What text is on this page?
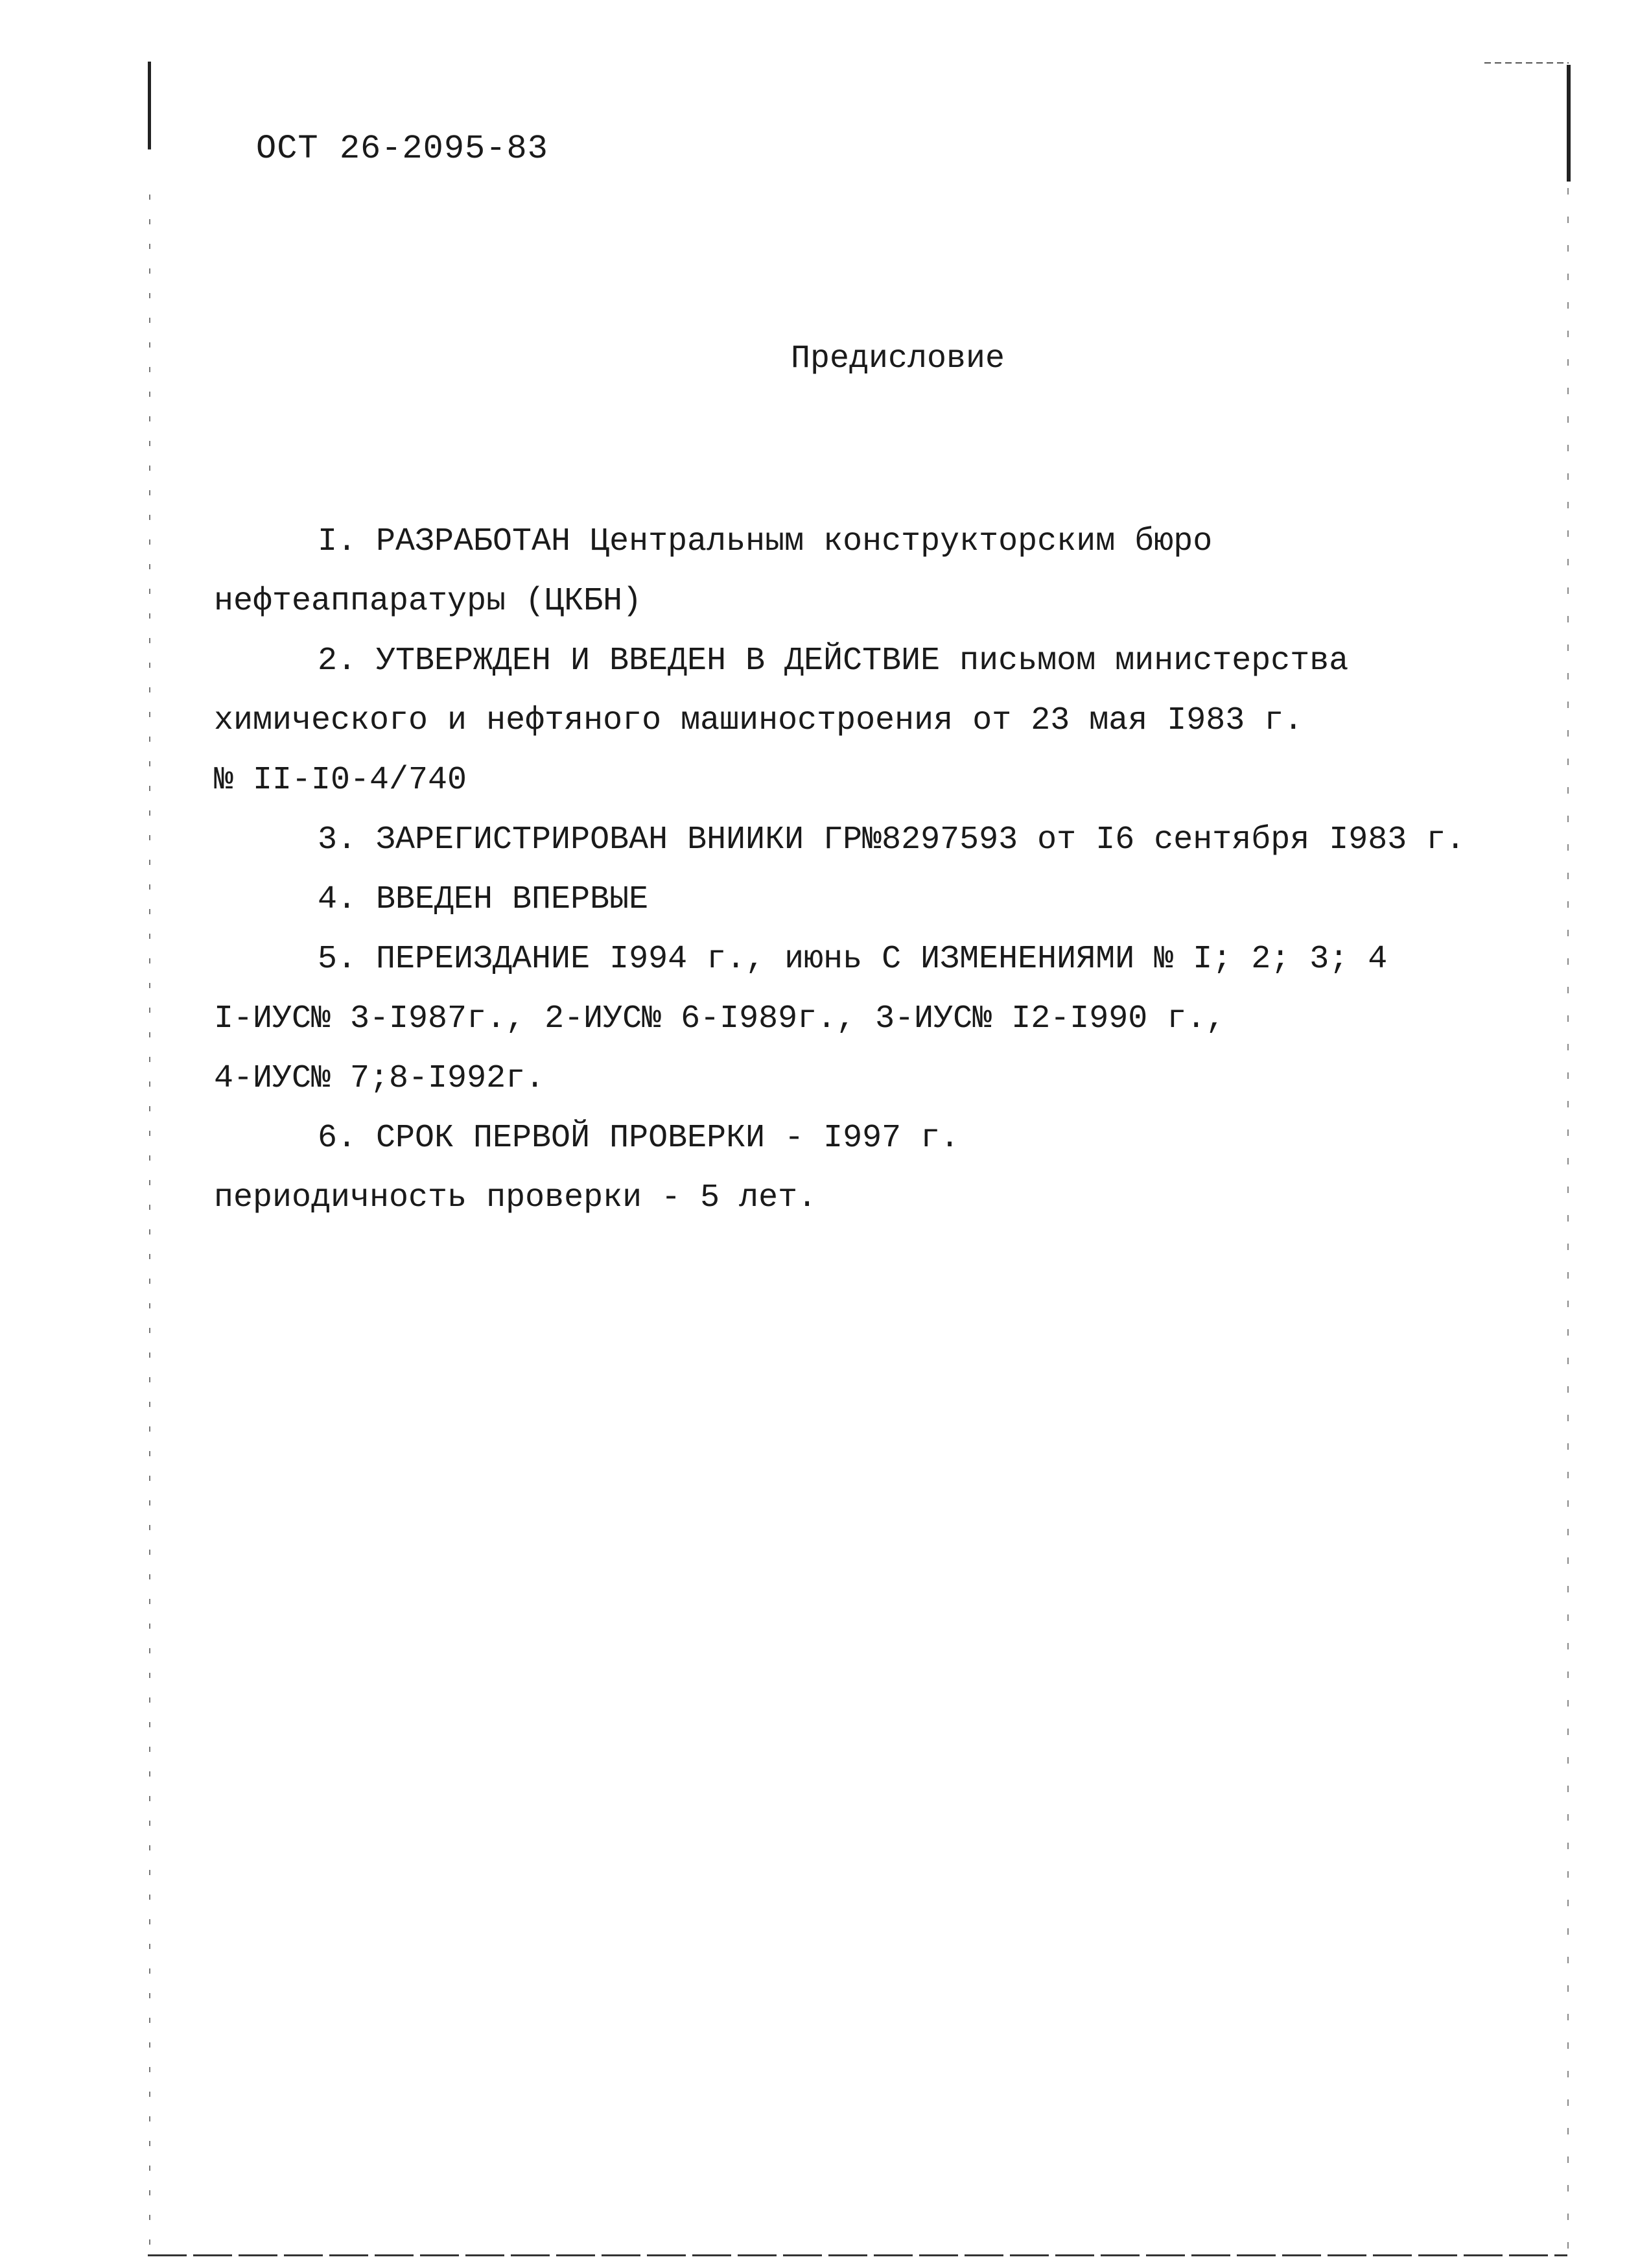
ОСТ 26-2095-83
Предисловие
I. РАЗРАБОТАН Центральным конструкторским бюро
нефтеаппаратуры (ЦКБН)
2. УТВЕРЖДЕН И ВВЕДЕН В ДЕЙСТВИЕ письмом министерства
химического и нефтяного машиностроения от 23 мая I983 г.
№ II-I0-4/740
3. ЗАРЕГИСТРИРОВАН ВНИИКИ ГР№8297593 от I6 сентября I983 г.
4. ВВЕДЕН ВПЕРВЫЕ
5. ПЕРЕИЗДАНИЕ I994 г., июнь С ИЗМЕНЕНИЯМИ № I; 2; 3; 4
I-ИУС№ 3-I987г., 2-ИУС№ 6-I989г., 3-ИУС№ I2-I990 г.,
4-ИУС№ 7;8-I992г.
6. СРОК ПЕРВОЙ ПРОВЕРКИ - I997 г.
периодичность проверки - 5 лет.
